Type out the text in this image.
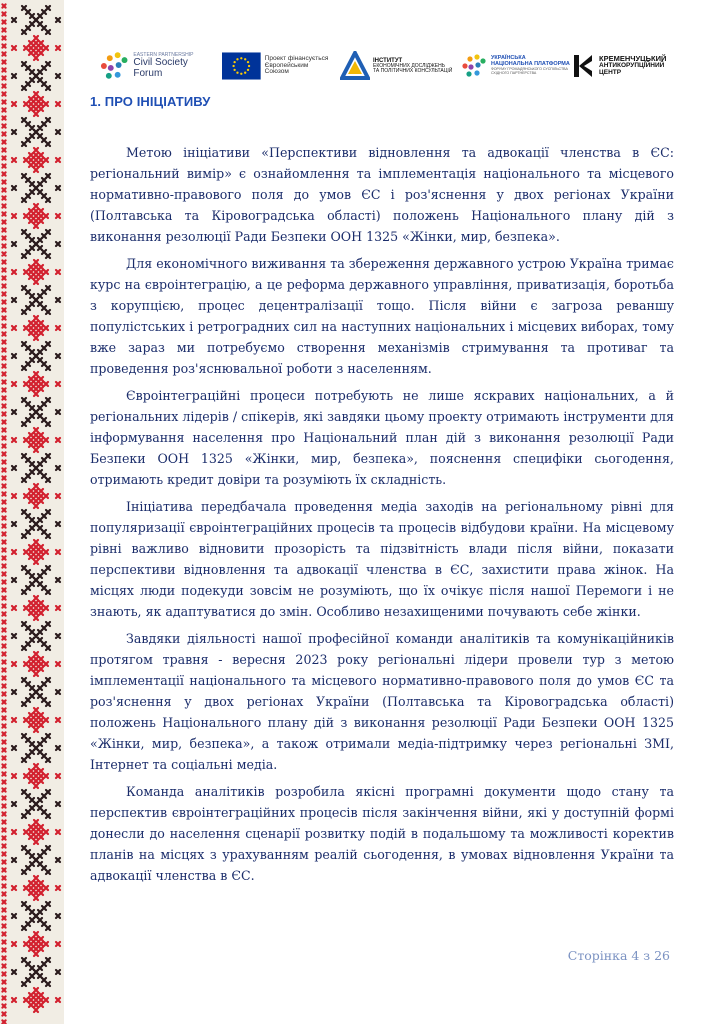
EASTERN PARTNERSHIP
Civil Society Forum
Проект фінансується
Європейським Союзом
ІНСТИТУТ
ЕКОНОМІЧНИХ ДОСЛІДЖЕНЬ
ТА ПОЛІТИЧНИХ КОНСУЛЬТАЦІЙ
УКРАЇНСЬКА
НАЦІОНАЛЬНА ПЛАТФОРМА
ФОРУМУ ГРОМАДЯНСЬКОГО СУСПІЛЬСТВА
СХІДНОГО ПАРТНЕРСТВА
КРЕМЕНЧУЦЬКИЙ
АНТИКОРУПЦІЙНИЙ
ЦЕНТР
1. ПРО ІНІЦІАТИВУ

Метою ініціативи «Перспективи відновлення та адвокації членства в ЄС: регіональний вимір» є ознайомлення та імплементація національного та місцевого нормативно-правового поля до умов ЄС і роз'яснення у двох регіонах України (Полтавська та Кіровоградська області) положень Національного плану дій з виконання резолюції Ради Безпеки ООН 1325 «Жінки, мир, безпека».

Для економічного виживання та збереження державного устрою Україна тримає курс на євроінтеграцію, а це реформа державного управління, приватизація, боротьба з корупцією, процес децентралізації тощо. Після війни є загроза реваншу популістських і ретроградних сил на наступних національних і місцевих виборах, тому вже зараз ми потребуємо створення механізмів стримування та противаг та проведення роз'яснювальної роботи з населенням.

Євроінтеграційні процеси потребують не лише яскравих національних, а й регіональних лідерів / спікерів, які завдяки цьому проекту отримають інструменти для інформування населення про Національний план дій з виконання резолюції Ради Безпеки ООН 1325 «Жінки, мир, безпека», пояснення специфіки сьогодення, отримають кредит довіри та розуміють їх складність.

Ініціатива передбачала проведення медіа заходів на регіональному рівні для популяризації євроінтеграційних процесів та процесів відбудови країни. На місцевому рівні важливо відновити прозорість та підзвітність влади після війни, показати перспективи відновлення та адвокації членства в ЄС, захистити права жінок. На місцях люди подекуди зовсім не розуміють, що їх очікує після нашої Перемоги і не знають, як адаптуватися до змін. Особливо незахищеними почувають себе жінки.

Завдяки діяльності нашої професійної команди аналітиків та комунікаційників протягом травня - вересня 2023 року регіональні лідери провели тур з метою імплементації національного та місцевого нормативно-правового поля до умов ЄС та роз'яснення у двох регіонах України (Полтавська та Кіровоградська області) положень Національного плану дій з виконання резолюції Ради Безпеки ООН 1325 «Жінки, мир, безпека», а також отримали медіа-підтримку через регіональні ЗМІ, Інтернет та соціальні медіа.

Команда аналітиків розробила якісні програмні документи щодо стану та перспектив євроінтеграційних процесів після закінчення війни, які у доступній формі донесли до населення сценарії розвитку подій в подальшому та можливості коректив планів на місцях з урахуванням реалій сьогодення, в умовах відновлення України та адвокації членства в ЄС.

Сторінка 4 з 26
